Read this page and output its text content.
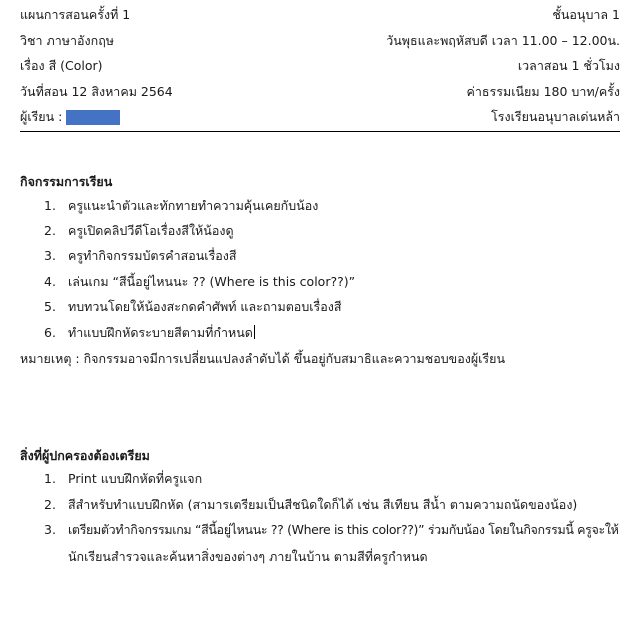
แผนการสอนครั้งที่ 1	ชั้นอนุบาล 1
วิชา ภาษาอังกฤษ	วันพุธและพฤหัสบดี เวลา 11.00 – 12.00น.
เรื่อง สี (Color)	เวลาสอน 1 ชั่วโมง
วันที่สอน 12 สิงหาคม 2564	ค่าธรรมเนียม 180 บาท/ครั้ง
ผู้เรียน :	โรงเรียนอนุบาลเด่นหล้า
กิจกรรมการเรียน
1. ครูแนะนำตัวและทักทายทำความคุ้นเคยกับน้อง
2. ครูเปิดคลิปวีดีโอเรื่องสีให้น้องดู
3. ครูทำกิจกรรมบัตรคำสอนเรื่องสี
4. เล่นเกม “สีนี้อยู่ไหนนะ ?? (Where is this color??)”
5. ทบทวนโดยให้น้องสะกดคำศัพท์ และถามตอบเรื่องสี
6. ทำแบบฝึกหัดระบายสีตามที่กำหนด
หมายเหตุ : กิจกรรมอาจมีการเปลี่ยนแปลงลำดับได้ ขึ้นอยู่กับสมาธิและความชอบของผู้เรียน
สิ่งที่ผู้ปกครองต้องเตรียม
1. Print แบบฝึกหัดที่ครูแจก
2. สีสำหรับทำแบบฝึกหัด (สามารเตรียมเป็นสีชนิดใดก็ได้ เช่น สีเทียน สีน้ำ ตามความถนัดของน้อง)
3. เตรียมตัวทำกิจกรรมเกม “สีนี้อยู่ไหนนะ ?? (Where is this color??)” ร่วมกับน้อง โดยในกิจกรรมนี้ ครูจะให้
นักเรียนสำรวจและค้นหาสิ่งของต่างๆ ภายในบ้าน ตามสีที่ครูกำหนด
